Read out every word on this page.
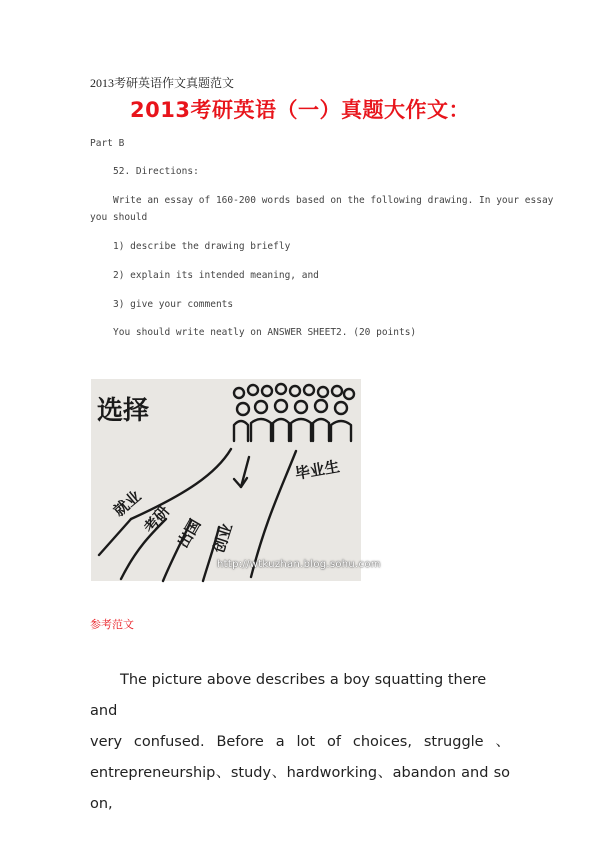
2013考研英语作文真题范文
2013考研英语（一）真题大作文：
Part B
52. Directions:
Write an essay of 160-200 words based on the following drawing. In your essay
you should
1) describe the drawing briefly
2) explain its intended meaning, and
3) give your comments
You should write neatly on ANSWER SHEET2. (20 points)
选择
毕业生
创业
出国
考研
就业
http://wtkuzhan.blog.sohu.com
参考范文

The picture above describes a boy squatting there and

very confused. Before a lot of choices, struggle 、

entrepreneurship、study、hardworking、abandon and so on,
